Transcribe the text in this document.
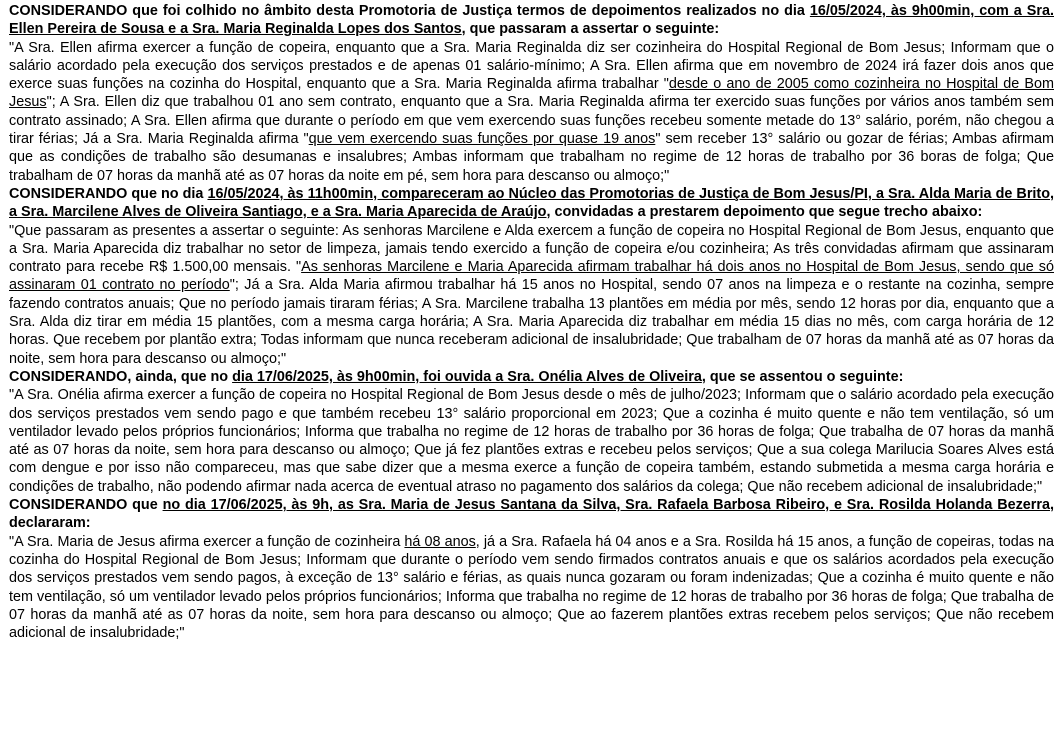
CONSIDERANDO que foi colhido no âmbito desta Promotoria de Justiça termos de depoimentos realizados no dia 16/05/2024, às 9h00min, com a Sra. Ellen Pereira de Sousa e a Sra. Maria Reginalda Lopes dos Santos, que passaram a assertar o seguinte:

"A Sra. Ellen afirma exercer a função de copeira, enquanto que a Sra. Maria Reginalda diz ser cozinheira do Hospital Regional de Bom Jesus; Informam que o salário acordado pela execução dos serviços prestados e de apenas 01 salário-mínimo; A Sra. Ellen afirma que em novembro de 2024 irá fazer dois anos que exerce suas funções na cozinha do Hospital, enquanto que a Sra. Maria Reginalda afirma trabalhar "desde o ano de 2005 como cozinheira no Hospital de Bom Jesus"; A Sra. Ellen diz que trabalhou 01 ano sem contrato, enquanto que a Sra. Maria Reginalda afirma ter exercido suas funções por vários anos também sem contrato assinado; A Sra. Ellen afirma que durante o período em que vem exercendo suas funções recebeu somente metade do 13° salário, porém, não chegou a tirar férias; Já a Sra. Maria Reginalda afirma "que vem exercendo suas funções por quase 19 anos" sem receber 13° salário ou gozar de férias; Ambas afirmam que as condições de trabalho são desumanas e insalubres; Ambas informam que trabalham no regime de 12 horas de trabalho por 36 boras de folga; Que trabalham de 07 horas da manhã até as 07 horas da noite em pé, sem hora para descanso ou almoço;"

CONSIDERANDO que no dia 16/05/2024, às 11h00min, compareceram ao Núcleo das Promotorias de Justiça de Bom Jesus/PI, a Sra. Alda Maria de Brito, a Sra. Marcilene Alves de Oliveira Santiago, e a Sra. Maria Aparecida de Araújo, convidadas a prestarem depoimento que segue trecho abaixo:

"Que passaram as presentes a assertar o seguinte: As senhoras Marcilene e Alda exercem a função de copeira no Hospital Regional de Bom Jesus, enquanto que a Sra. Maria Aparecida diz trabalhar no setor de limpeza, jamais tendo exercido a função de copeira e/ou cozinheira; As três convidadas afirmam que assinaram contrato para recebe R$ 1.500,00 mensais. "As senhoras Marcilene e Maria Aparecida afirmam trabalhar há dois anos no Hospital de Bom Jesus, sendo que só assinaram 01 contrato no período"; Já a Sra. Alda Maria afirmou trabalhar há 15 anos no Hospital, sendo 07 anos na limpeza e o restante na cozinha, sempre fazendo contratos anuais; Que no período jamais tiraram férias; A Sra. Marcilene trabalha 13 plantões em média por mês, sendo 12 horas por dia, enquanto que a Sra. Alda diz tirar em média 15 plantões, com a mesma carga horária; A Sra. Maria Aparecida diz trabalhar em média 15 dias no mês, com carga horária de 12 horas. Que recebem por plantão extra; Todas informam que nunca receberam adicional de insalubridade; Que trabalham de 07 horas da manhã até as 07 horas da noite, sem hora para descanso ou almoço;"

CONSIDERANDO, ainda, que no dia 17/06/2025, às 9h00min, foi ouvida a Sra. Onélia Alves de Oliveira, que se assentou o seguinte:

"A Sra. Onélia afirma exercer a função de copeira no Hospital Regional de Bom Jesus desde o mês de julho/2023; Informam que o salário acordado pela execução dos serviços prestados vem sendo pago e que também recebeu 13° salário proporcional em 2023; Que a cozinha é muito quente e não tem ventilação, só um ventilador levado pelos próprios funcionários; Informa que trabalha no regime de 12 horas de trabalho por 36 horas de folga; Que trabalha de 07 horas da manhã até as 07 horas da noite, sem hora para descanso ou almoço; Que já fez plantões extras e recebeu pelos serviços; Que a sua colega Marilucia Soares Alves está com dengue e por isso não compareceu, mas que sabe dizer que a mesma exerce a função de copeira também, estando submetida a mesma carga horária e condições de trabalho, não podendo afirmar nada acerca de eventual atraso no pagamento dos salários da colega; Que não recebem adicional de insalubridade;"

CONSIDERANDO que no dia 17/06/2025, às 9h, as Sra. Maria de Jesus Santana da Silva, Sra. Rafaela Barbosa Ribeiro, e Sra. Rosilda Holanda Bezerra, declararam:

"A Sra. Maria de Jesus afirma exercer a função de cozinheira há 08 anos, já a Sra. Rafaela há 04 anos e a Sra. Rosilda há 15 anos, a função de copeiras, todas na cozinha do Hospital Regional de Bom Jesus; Informam que durante o período vem sendo firmados contratos anuais e que os salários acordados pela execução dos serviços prestados vem sendo pagos, à exceção de 13° salário e férias, as quais nunca gozaram ou foram indenizadas; Que a cozinha é muito quente e não tem ventilação, só um ventilador levado pelos próprios funcionários; Informa que trabalha no regime de 12 horas de trabalho por 36 horas de folga; Que trabalha de 07 horas da manhã até as 07 horas da noite, sem hora para descanso ou almoço; Que ao fazerem plantões extras recebem pelos serviços; Que não recebem adicional de insalubridade;"
